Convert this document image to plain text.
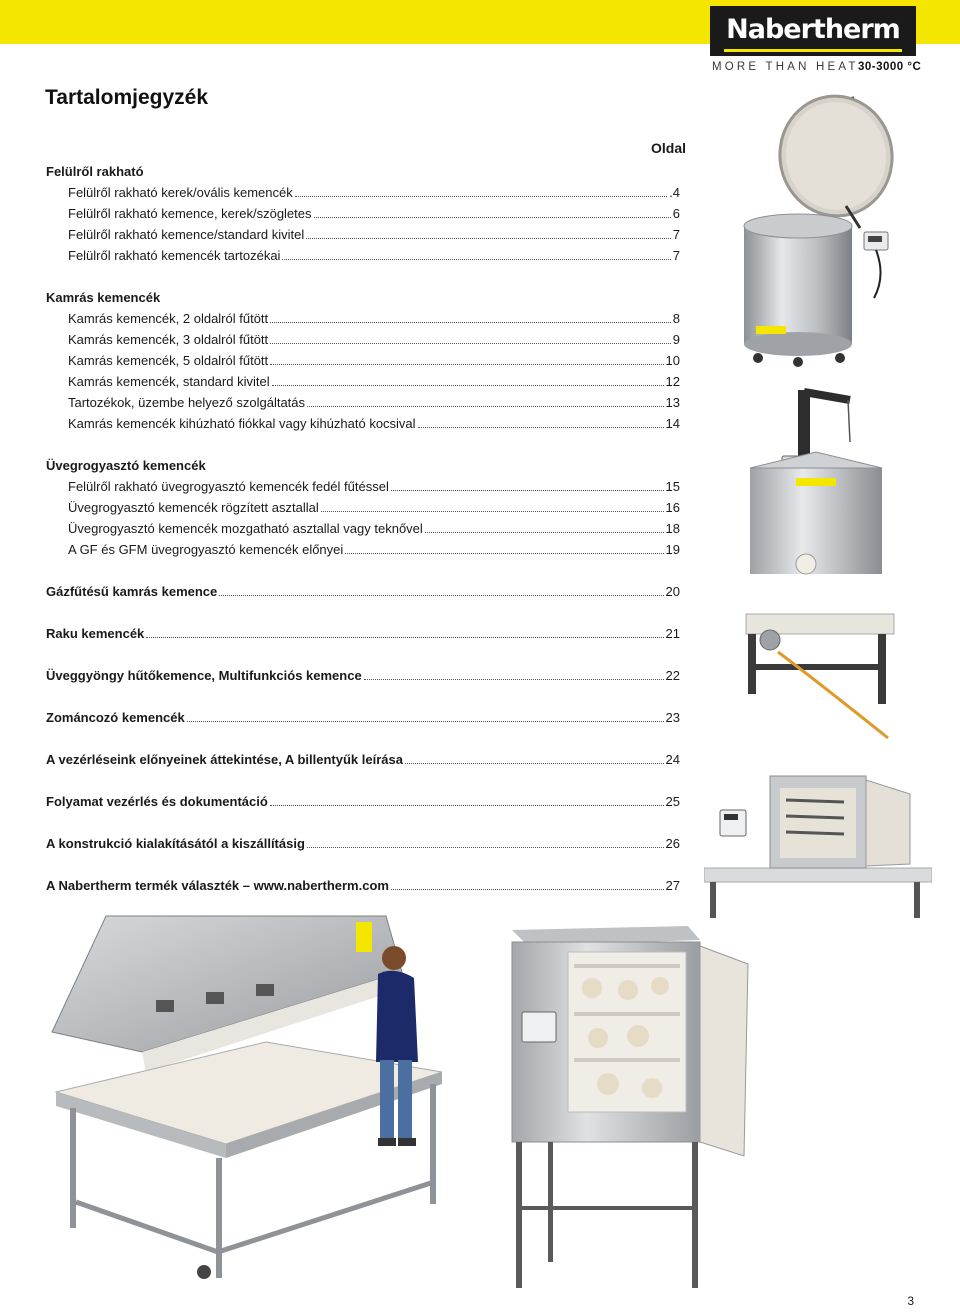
Nabertherm
MORE THAN HEAT 30-3000 °C
Tartalomjegyzék
Oldal
Felülről rakható
Felülről rakható kerek/ovális kemencék	.4
Felülről rakható kemence, kerek/szögletes	6
Felülről rakható kemence/standard kivitel	7
Felülről rakható kemencék tartozékai	7
Kamrás kemencék
Kamrás kemencék, 2 oldalról fűtött	8
Kamrás kemencék, 3 oldalról fűtött	9
Kamrás kemencék, 5 oldalról fűtött	10
Kamrás kemencék, standard kivitel	12
Tartozékok, üzembe helyező szolgáltatás	13
Kamrás kemencék kihúzható fiókkal vagy kihúzható kocsival	14
Üvegrogyasztó kemencék
Felülről rakható üvegrogyasztó kemencék fedél fűtéssel	15
Üvegrogyasztó kemencék rögzített asztallal	16
Üvegrogyasztó kemencék mozgatható asztallal vagy teknővel	18
A GF és GFM üvegrogyasztó kemencék előnyei	19
Gázfűtésű kamrás kemence	20
Raku kemencék	21
Üveggyöngy hűtőkemence, Multifunkciós kemence	22
Zománcozó kemencék	23
A vezérléseink előnyeinek áttekintése, A billentyűk leírása	24
Folyamat vezérlés és dokumentáció	25
A konstrukció kialakításától a kiszállításig	26
A Nabertherm termék választék – www.nabertherm.com	27
3
